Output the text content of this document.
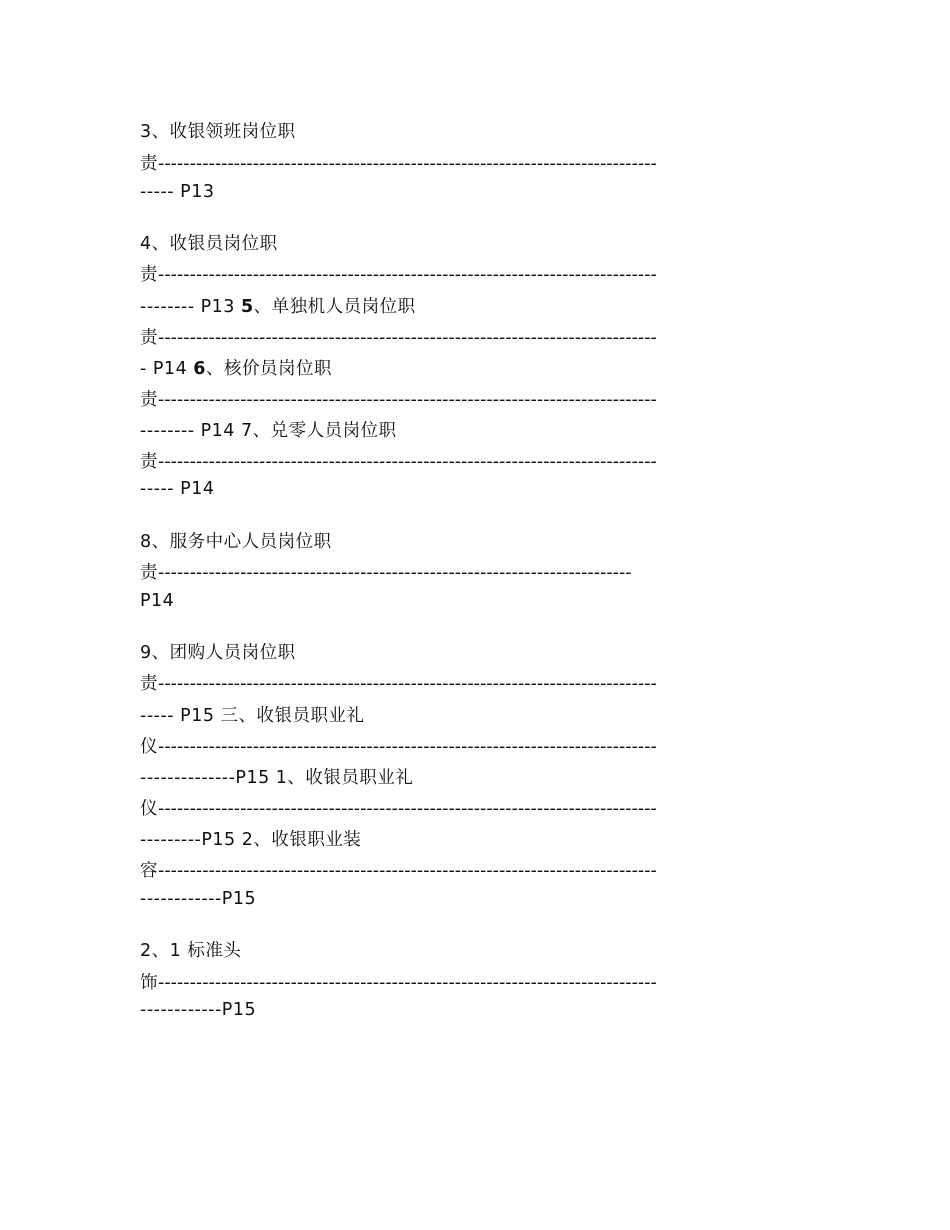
3、收银领班岗位职
责-------------------------------------------------------------------------------
----- P13
4、收银员岗位职
责-------------------------------------------------------------------------------
-------- P13 5、单独机人员岗位职
责-------------------------------------------------------------------------------
- P14 6、核价员岗位职
责-------------------------------------------------------------------------------
-------- P14 7、兑零人员岗位职
责-------------------------------------------------------------------------------
----- P14
8、服务中心人员岗位职
责---------------------------------------------------------------------------
P14
9、团购人员岗位职
责-------------------------------------------------------------------------------
----- P15 三、收银员职业礼
仪-------------------------------------------------------------------------------
--------------P15 1、收银员职业礼
仪-------------------------------------------------------------------------------
---------P15 2、收银职业装
容-------------------------------------------------------------------------------
------------P15
2、1 标准头
饰-------------------------------------------------------------------------------
------------P15
